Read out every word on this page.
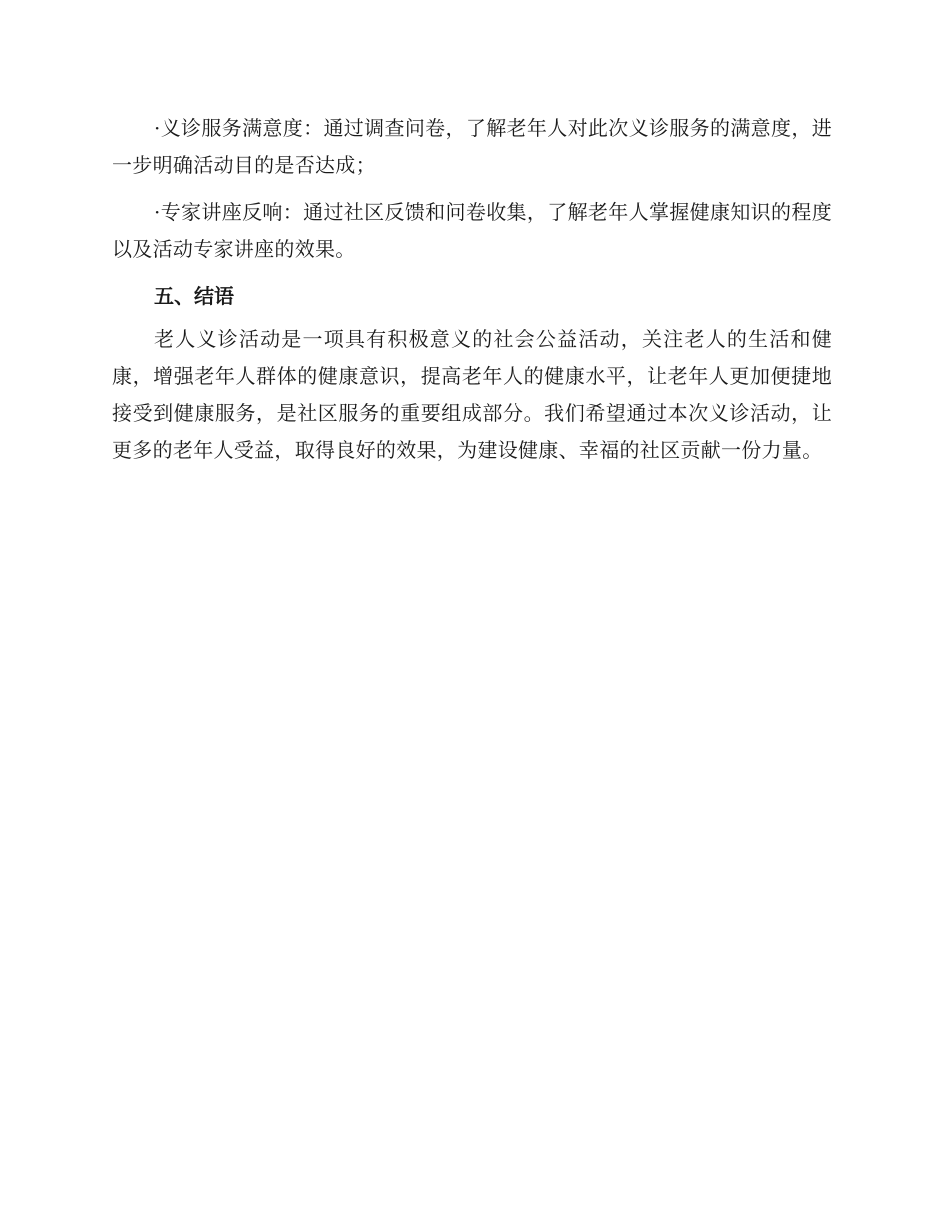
·义诊服务满意度：通过调查问卷，了解老年人对此次义诊服务的满意度，进一步明确活动目的是否达成；

·专家讲座反响：通过社区反馈和问卷收集，了解老年人掌握健康知识的程度以及活动专家讲座的效果。

五、结语

老人义诊活动是一项具有积极意义的社会公益活动，关注老人的生活和健康，增强老年人群体的健康意识，提高老年人的健康水平，让老年人更加便捷地接受到健康服务，是社区服务的重要组成部分。我们希望通过本次义诊活动，让更多的老年人受益，取得良好的效果，为建设健康、幸福的社区贡献一份力量。
